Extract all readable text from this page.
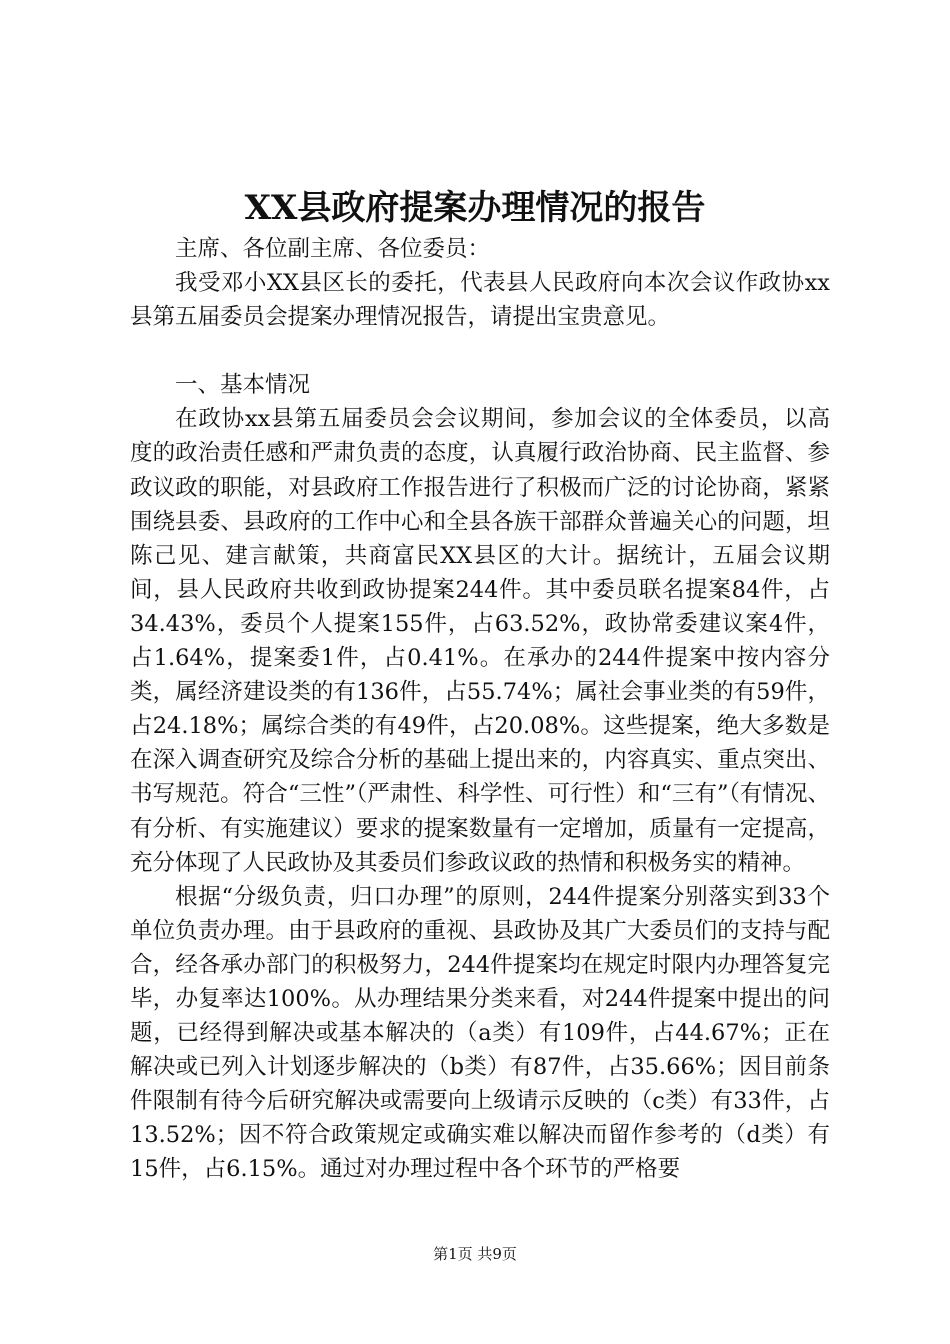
XX县政府提案办理情况的报告

主席、各位副主席、各位委员：

我受邓小XX县区长的委托，代表县人民政府向本次会议作政协xx县第五届委员会提案办理情况报告，请提出宝贵意见。

一、基本情况

在政协xx县第五届委员会会议期间，参加会议的全体委员，以高度的政治责任感和严肃负责的态度，认真履行政治协商、民主监督、参政议政的职能，对县政府工作报告进行了积极而广泛的讨论协商，紧紧围绕县委、县政府的工作中心和全县各族干部群众普遍关心的问题，坦陈己见、建言献策，共商富民XX县区的大计。据统计，五届会议期间，县人民政府共收到政协提案244件。其中委员联名提案84件，占34.43%，委员个人提案155件，占63.52%，政协常委建议案4件，占1.64%，提案委1件，占0.41%。在承办的244件提案中按内容分类，属经济建设类的有136件，占55.74%；属社会事业类的有59件，占24.18%；属综合类的有49件，占20.08%。这些提案，绝大多数是在深入调查研究及综合分析的基础上提出来的，内容真实、重点突出、书写规范。符合“三性”（严肃性、科学性、可行性）和“三有”（有情况、有分析、有实施建议）要求的提案数量有一定增加，质量有一定提高，充分体现了人民政协及其委员们参政议政的热情和积极务实的精神。

根据“分级负责，归口办理”的原则，244件提案分别落实到33个单位负责办理。由于县政府的重视、县政协及其广大委员们的支持与配合，经各承办部门的积极努力，244件提案均在规定时限内办理答复完毕，办复率达100%。从办理结果分类来看，对244件提案中提出的问题，已经得到解决或基本解决的（a类）有109件，占44.67%；正在解决或已列入计划逐步解决的（b类）有87件，占35.66%；因目前条件限制有待今后研究解决或需要向上级请示反映的（c类）有33件，占13.52%；因不符合政策规定或确实难以解决而留作参考的（d类）有15件，占6.15%。通过对办理过程中各个环节的严格要

第1页 共9页
